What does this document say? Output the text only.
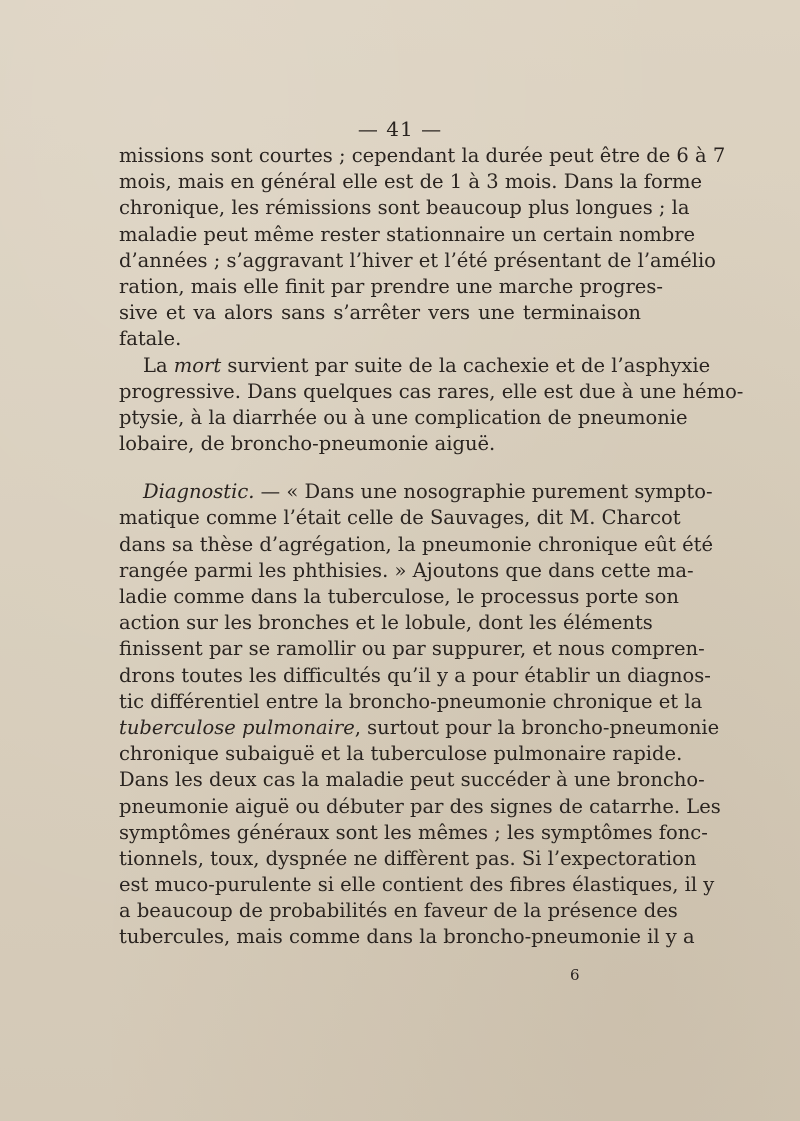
— 41 —
missions sont courtes ; cependant la durée peut être de 6 à 7
mois, mais en général elle est de 1 à 3 mois. Dans la forme
chronique, les rémissions sont beaucoup plus longues ; la
maladie peut même rester stationnaire un certain nombre
d’années ; s’aggravant l’hiver et l’été présentant de l’amélio
ration, mais elle finit par prendre une marche progres-
sive et va alors sans s’arrêter vers une terminaison
fatale.
La mort survient par suite de la cachexie et de l’asphyxie
progressive. Dans quelques cas rares, elle est due à une hémo-
ptysie, à la diarrhée ou à une complication de pneumonie
lobaire, de broncho-pneumonie aiguë.
Diagnostic. — « Dans une nosographie purement sympto-
matique comme l’était celle de Sauvages, dit M. Charcot
dans sa thèse d’agrégation, la pneumonie chronique eût été
rangée parmi les phthisies. » Ajoutons que dans cette ma-
ladie comme dans la tuberculose, le processus porte son
action sur les bronches et le lobule, dont les éléments
finissent par se ramollir ou par suppurer, et nous compren-
drons toutes les difficultés qu’il y a pour établir un diagnos-
tic différentiel entre la broncho-pneumonie chronique et la
tuberculose pulmonaire, surtout pour la broncho-pneumonie
chronique subaiguë et la tuberculose pulmonaire rapide.
Dans les deux cas la maladie peut succéder à une broncho-
pneumonie aiguë ou débuter par des signes de catarrhe. Les
symptômes généraux sont les mêmes ; les symptômes fonc-
tionnels, toux, dyspnée ne diffèrent pas. Si l’expectoration
est muco-purulente si elle contient des fibres élastiques, il y
a beaucoup de probabilités en faveur de la présence des
tubercules, mais comme dans la broncho-pneumonie il y a
6
